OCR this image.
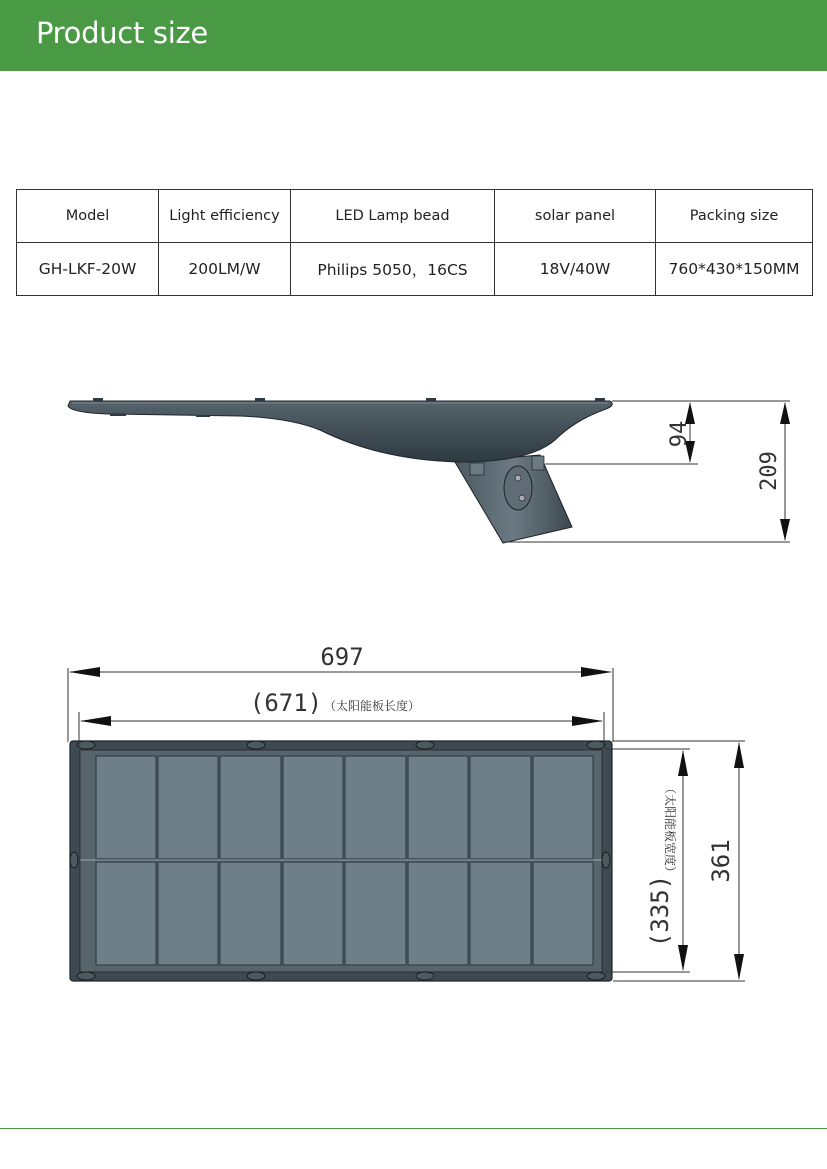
Product size
Model	Light efficiency	LED Lamp bead	solar panel	Packing size
GH-LKF-20W	200LM/W	Philips 5050，16CS	18V/40W	760*430*150MM
94
209
697
(671) （太阳能板长度）
(335)
（太阳能板宽度） 361
